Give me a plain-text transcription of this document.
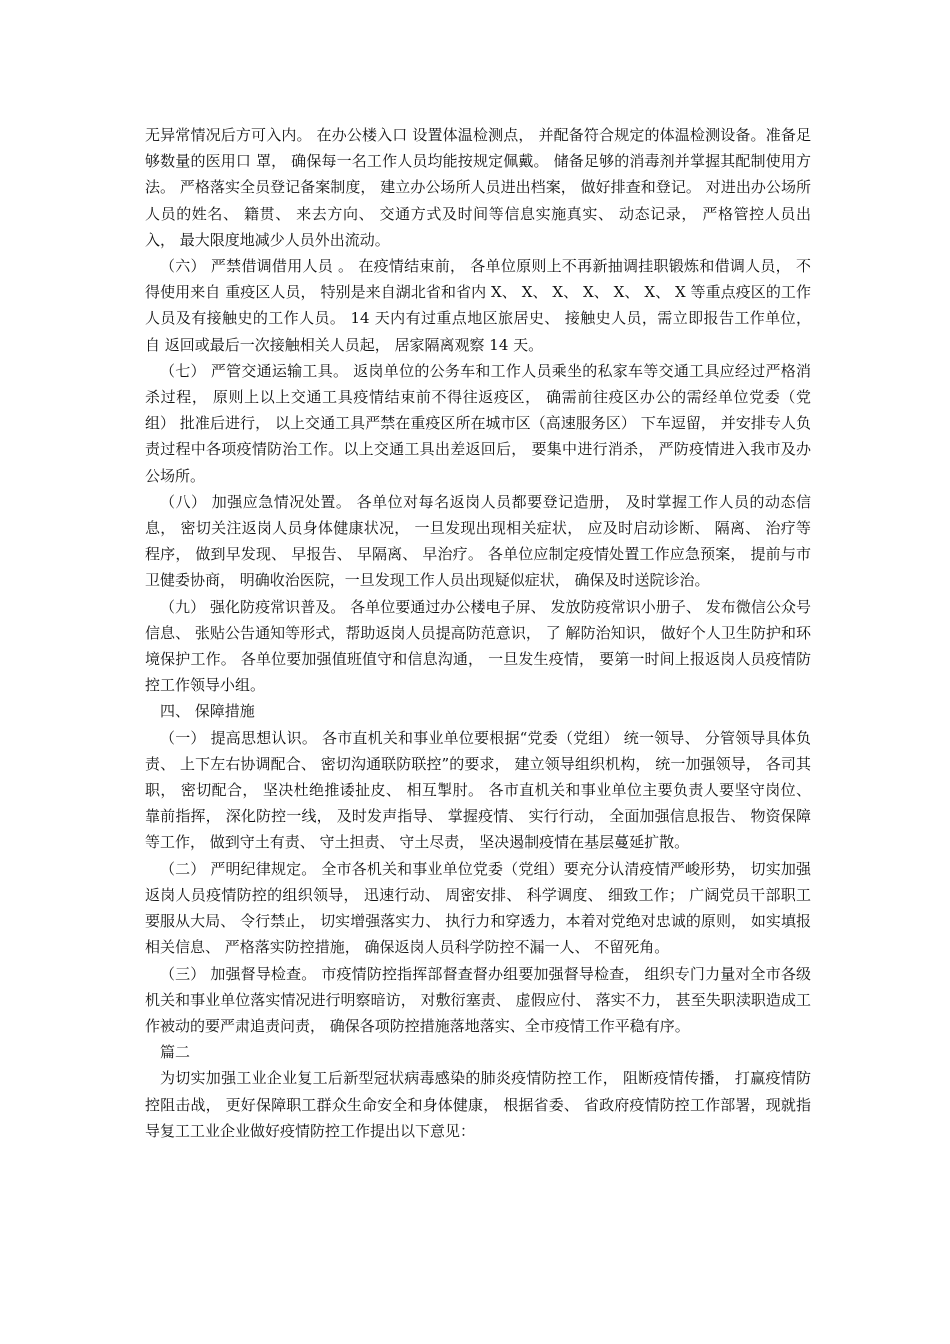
无异常情况后方可入内。 在办公楼入口 设置体温检测点， 并配备符合规定的体温检测设备。准备足够数量的医用口 罩， 确保每一名工作人员均能按规定佩戴。 储备足够的消毒剂并掌握其配制使用方法。 严格落实全员登记备案制度， 建立办公场所人员进出档案， 做好排查和登记。 对进出办公场所人员的姓名、 籍贯、 来去方向、 交通方式及时间等信息实施真实、 动态记录， 严格管控人员出入， 最大限度地减少人员外出流动。

（六） 严禁借调借用人员 。 在疫情结束前， 各单位原则上不再新抽调挂职锻炼和借调人员， 不得使用来自 重疫区人员， 特别是来自湖北省和省内 X、 X、 X、 X、 X、 X、 X 等重点疫区的工作人员及有接触史的工作人员。 14 天内有过重点地区旅居史、 接触史人员，需立即报告工作单位， 自 返回或最后一次接触相关人员起， 居家隔离观察 14 天。

（七） 严管交通运输工具。 返岗单位的公务车和工作人员乘坐的私家车等交通工具应经过严格消杀过程， 原则上以上交通工具疫情结束前不得往返疫区， 确需前往疫区办公的需经单位党委（党组） 批准后进行， 以上交通工具严禁在重疫区所在城市区（高速服务区） 下车逗留， 并安排专人负责过程中各项疫情防治工作。以上交通工具出差返回后， 要集中进行消杀， 严防疫情进入我市及办公场所。

（八） 加强应急情况处置。 各单位对每名返岗人员都要登记造册， 及时掌握工作人员的动态信息， 密切关注返岗人员身体健康状况， 一旦发现出现相关症状， 应及时启动诊断、 隔离、 治疗等程序， 做到早发现、 早报告、 早隔离、 早治疗。 各单位应制定疫情处置工作应急预案， 提前与市卫健委协商， 明确收治医院，一旦发现工作人员出现疑似症状， 确保及时送院诊治。

（九） 强化防疫常识普及。 各单位要通过办公楼电子屏、 发放防疫常识小册子、 发布微信公众号信息、 张贴公告通知等形式，帮助返岗人员提高防范意识， 了 解防治知识， 做好个人卫生防护和环境保护工作。 各单位要加强值班值守和信息沟通， 一旦发生疫情， 要第一时间上报返岗人员疫情防控工作领导小组。

四、 保障措施

（一） 提高思想认识。 各市直机关和事业单位要根据“党委（党组） 统一领导、 分管领导具体负责、 上下左右协调配合、 密切沟通联防联控”的要求， 建立领导组织机构， 统一加强领导， 各司其职， 密切配合， 坚决杜绝推诿扯皮、 相互掣肘。 各市直机关和事业单位主要负责人要坚守岗位、 靠前指挥， 深化防控一线， 及时发声指导、 掌握疫情、 实行行动， 全面加强信息报告、 物资保障等工作， 做到守土有责、 守土担责、 守土尽责， 坚决遏制疫情在基层蔓延扩散。

（二） 严明纪律规定。 全市各机关和事业单位党委（党组）要充分认清疫情严峻形势， 切实加强返岗人员疫情防控的组织领导， 迅速行动、 周密安排、 科学调度、 细致工作； 广阔党员干部职工要服从大局、 令行禁止， 切实增强落实力、 执行力和穿透力，本着对党绝对忠诚的原则， 如实填报相关信息、 严格落实防控措施， 确保返岗人员科学防控不漏一人、 不留死角。

（三） 加强督导检查。 市疫情防控指挥部督查督办组要加强督导检查， 组织专门力量对全市各级机关和事业单位落实情况进行明察暗访， 对敷衍塞责、 虚假应付、 落实不力， 甚至失职渎职造成工作被动的要严肃追责问责， 确保各项防控措施落地落实、全市疫情工作平稳有序。

篇二

为切实加强工业企业复工后新型冠状病毒感染的肺炎疫情防控工作， 阻断疫情传播， 打赢疫情防控阻击战， 更好保障职工群众生命安全和身体健康， 根据省委、 省政府疫情防控工作部署，现就指导复工工业企业做好疫情防控工作提出以下意见：
